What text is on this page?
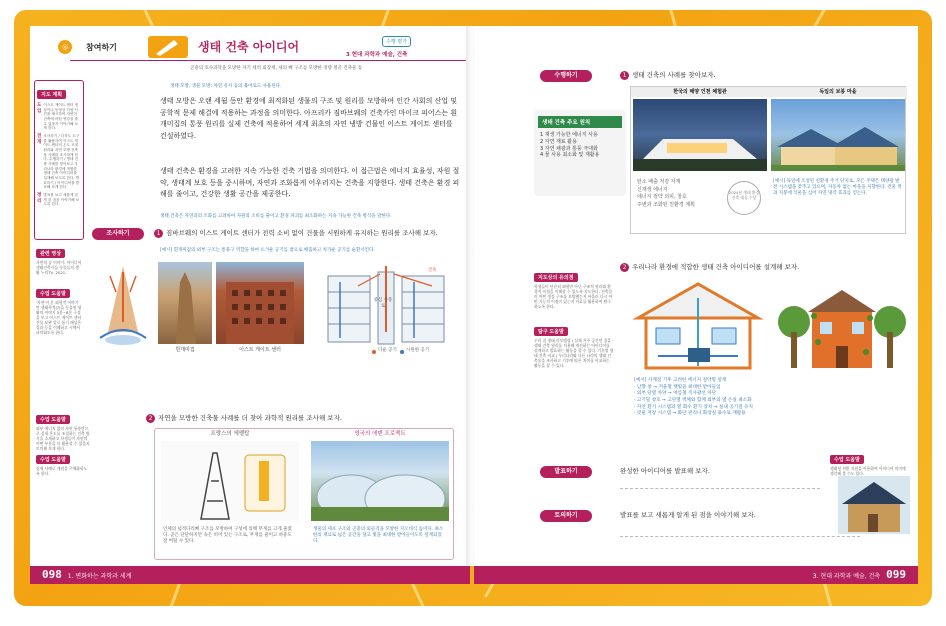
◎	참여하기	생태 건축 아이디어	수행 평가
3 현대 과학과 예술, 건축
곤충의 호수과학을 모방한 자기 세척 외장재, 새의 뼈 구조를 모방한 경량 철골 건축물 등
지도 계획
도입
이스트 게이트 센터 영상이나 동영상 다양 사진을 제시하여 자연이 건축에 어떤 영감을 줄 수 있을지 이야기해 보게 한다.
전개
조사하기 / 다각도 도구를 활용하여 이스트 게이트 센터의 온도 조절 원리와 자연 모방 건축물 사례를 조사하게 한다. 수행하기 / 생태 건축 사례를 찾아보고 우리나라 환경에 적합한 생태 건축 아이디어를 설계해 보도록 한다. 발표하기 / 아이디어를 발표해 보게 한다.
정리
발표를 보고 새롭게 알게 된 점을 이야기해 보도록 한다.
생태 모방, 생물 모방: 자연 유사 등의 용어로도 사용된다.
생태 모방은 오랜 세월 동안 환경에 최적화된 생물의 구조 및 원리를 모방하여 인간 사회의 산업 및 공학적 문제 해결에 적용하는 과정을 의미한다. 아프리카 짐바브웨의 건축가인 마이크 피어스는 흰개미집의 통풍 원리를 실제 건축에 적용하여 세계 최초의 자연 냉방 건물인 이스트 게이트 센터를 건설하였다.
생태 건축은 환경을 고려한 지속 가능한 건축 기법을 의미한다. 이 접근법은 에너지 효율성, 자원 절약, 생태계 보호 등을 중시하며, 자연과 조화롭게 어우러지는 건축을 지향한다. 생태 건축은 환경 피해를 줄이고, 건강한 생활 공간을 제공한다.
생태 건축은 자연과의 조화를 고려하여 자원의 소비를 줄이고 환경 파괴를 최소화하는 지속 가능한 건축 방식을 말한다.
관련 영상
자연의 숨 이야기: 이이디어 생태건축가들 동물들의 생활 누리TV, 2021.
수업 도움말
'자연'이 흔 외형적 이야기 만 생태학적(?)을 동물원 생활의 이야기 5분~6분 구성을 보고 이스트 게이트 센터 건물 보완 알로 통기 패널은 결과 등을 이해하고 시에서 파악하도록 한다.
조사하기	1 짐바브웨의 이스트 게이트 센터가 전력 소비 없이 건물을 시원하게 유지하는 원리를 조사해 보자.
[예시] 흰개미집의 외부 구조는 통풍구 역할을 하여 뜨거운 공기를 밖으로 배출하고 차가운 공기를 순환시킨다.
흰개미집	이스트 게이트 센터
굴뚝
중심 송풍로
더운 공기 시원한 공기
수업 도움말
외부 에너지 없이 자연 통풍만으로 실내 온도를 조절하는 건축 방식을 소개하고 학생들이 자연의 어떤 부분을 더 활용할 수 있을지 토의해 보게 한다.
수업 도움말
실제 사례로 개념을 구체화하도록 한다.
2 자연을 모방한 건축물 사례를 더 찾아 과학적 원리를 조사해 보자.
프랑스의 에펠탑	영국의 에덴 프로젝트
인체의 넓적다리뼈 구조를 모방하여 구성에 의해 무게를 크게 줄였다. 곧은 단단하지만 속은 비어 있는 구조로, 무게를 줄이고 하중도 잘 버틸 수 있다.
생물의 세포 구조와 곤충의 외골격을 모방한 지오데식 돔이다. 최소한의 재료로 넓은 공간을 덮고 빛을 최대한 받아들이도록 설계되었다.
수행하기	1 생태 건축의 사례를 찾아보자.
생태 건축 주요 원칙
1 재생 가능한 에너지 사용
2 자연 재료 활용
3 자연 채광과 통풍 극대화
4 물 사용 최소화 및 재활용
한국의 해양 인천 체험관	독일의 보봉 마을
탄소 배출 저감 자재
신재생 에너지
에너지 절약 외피, 창호
주변과 조화된 친환경 계획
2024년 생태 환경 건축 대상 수상
[예시] 독일에 조성된 친환경 주거 단지로, 모든 주택은 태양광 발전 시스템을 갖추고 있으며, 자동차 없는 마을을 지향한다. 건물 벽과 지붕에 식물을 심어 자연 냉각 효과를 얻는다.
지도상의 유의점
학생들이 단순히 외형만 아닌 구조적 원리와 환경적 이점을 이해할 수 있도록 지도한다. 건축물이 어떤 생물 구조를 모방했는지 아울러 다시 어떤 기능적 이점이 있는지 자료를 활용하여 탐구하도록 한다.
탐구 도움말
우리 집 생태 리모델링 / 실제 거주 공간인 집을 생태 건축 원리를 적용해 개선하는 아이디어를 설계하고 발표하는 활동을 할 수 있다. 기후별 생태 건축 비교 / 우리나라와 다른 나라의 생태 건축물을 조사하고 기후에 따른 차이를 비교하는 활동을 할 수 있다.
2 우리나라 환경에 적합한 생태 건축 아이디어를 설계해 보자.
[예시] 사계절 기후 고려한 에너지 절약형 설계
· 남향 창 → 겨울철 햇빛을 최대한 받아들임
· 외부 단열 차양 → 여름철 직사광선 차단
· 고기밀 창호 → 고단열 벽체와 함께 외부의 열 손실 최소화
· 자연 환기 시스템과 열 회수 환기 장치 → 실내 공기질 유지
· 빗물 저장 시스템 → 화단 관리나 화장실 용수로 재활용
발표하기	완성한 아이디어를 발표해 보자.
토의하기	발표를 보고 새롭게 알게 된 점을 이야기해 보자.
수업 도움말
생태형 친환 지침을 이용하여 아이디어 의미에 생각해 볼 수도 있다.
098 1. 변화하는 과학과 세계	3. 현대 과학과 예술, 건축 099
